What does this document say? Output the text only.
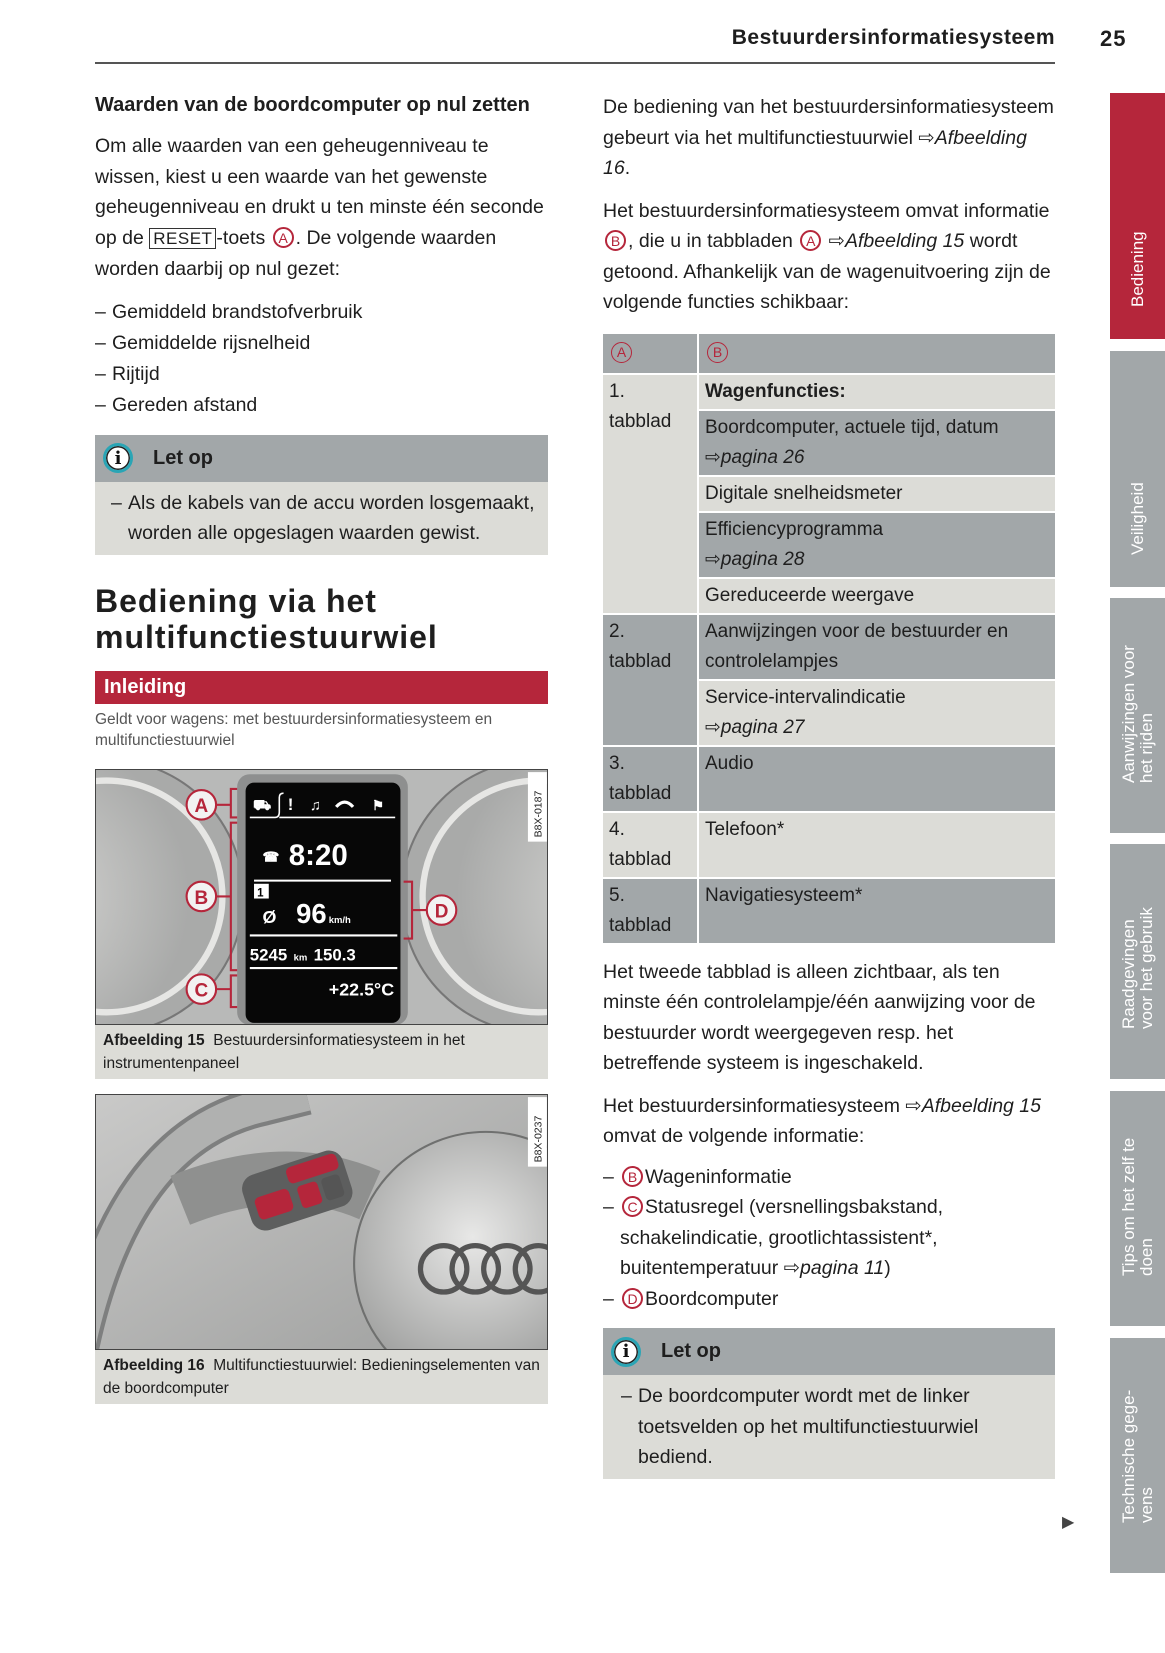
Bestuurdersinformatiesysteem 25
Waarden van de boordcomputer op nul zetten
Om alle waarden van een geheugenniveau te wissen, kiest u een waarde van het gewenste geheugenniveau en drukt u ten minste één seconde op de RESET -toets A . De volgende waarden worden daarbij op nul gezet:
– Gemiddeld brandstofverbruik
– Gemiddelde rijsnelheid
– Rijtijd
– Gereden afstand
i	Let op
– Als de kabels van de accu worden losgemaakt, worden alle opgeslagen waarden gewist.
Bediening via het multifunctiestuurwiel
Inleiding
Geldt voor wagens: met bestuurdersinformatiesysteem en multifunctiestuurwiel
⛟ ! ♫	⚑
☎ 8:20
1
Ø 96 km/h
5245 km 150.3
+22.5°C
A
B
C
D
B8X-0187
Afbeelding 15 Bestuurdersinformatiesysteem in het instrumentenpaneel
B8X-0237
Afbeelding 16 Multifunctiestuurwiel: Bedieningselementen van de boordcomputer
De bediening van het bestuurdersinformatiesysteem gebeurt via het multifunctiestuurwiel ⇨Afbeelding 16.
Het bestuurdersinformatiesysteem omvat informatie B , die u in tabbladen A ⇨Afbeelding 15 wordt getoond. Afhankelijk van de wagenuitvoering zijn de volgende functies schikbaar:
A	B
1. tabblad	Wagenfuncties:
	Boordcomputer, actuele tijd, datum
⇨pagina 26
	Digitale snelheidsmeter
	Efficiencyprogramma
⇨pagina 28
	Gereduceerde weergave
2. tabblad	Aanwijzingen voor de bestuurder en controlelampjes
	Service-intervalindicatie
⇨pagina 27
3. tabblad	Audio
4. tabblad	Telefoon*
5. tabblad	Navigatiesysteem*
Het tweede tabblad is alleen zichtbaar, als ten minste één controlelampje/één aanwijzing voor de bestuurder wordt weergegeven resp. het betreffende systeem is ingeschakeld.
Het bestuurdersinformatiesysteem ⇨Afbeelding 15 omvat de volgende informatie:
– B Wageninformatie
– C Statusregel (versnellingsbakstand, schakelindicatie, grootlichtassistent*, buitentemperatuur ⇨pagina 11)
– D Boordcomputer
i	Let op
– De boordcomputer wordt met de linker toetsvelden op het multifunctiestuurwiel bediend.
▶
Bediening
Veiligheid
Aanwijzingen voor
het rijden
Raadgevingen
voor het gebruik
Tips om het zelf te
doen
Technische gege-
vens
